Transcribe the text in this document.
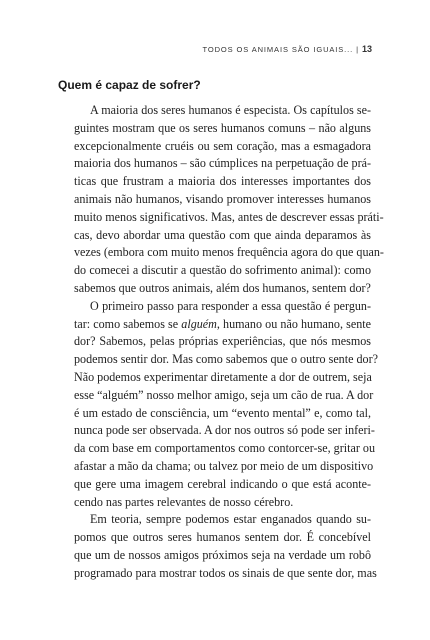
TODOS OS ANIMAIS SÃO IGUAIS... | 13
Quem é capaz de sofrer?

A maioria dos seres humanos é especista. Os capítulos se-
guintes mostram que os seres humanos comuns – não alguns
excepcionalmente cruéis ou sem coração, mas a esmagadora
maioria dos humanos – são cúmplices na perpetuação de prá-
ticas que frustram a maioria dos interesses importantes dos
animais não humanos, visando promover interesses humanos
muito menos significativos. Mas, antes de descrever essas práti-
cas, devo abordar uma questão com que ainda deparamos às
vezes (embora com muito menos frequência agora do que quan-
do comecei a discutir a questão do sofrimento animal): como
sabemos que outros animais, além dos humanos, sentem dor?

O primeiro passo para responder a essa questão é pergun-
tar: como sabemos se alguém, humano ou não humano, sente
dor? Sabemos, pelas próprias experiências, que nós mesmos
podemos sentir dor. Mas como sabemos que o outro sente dor?
Não podemos experimentar diretamente a dor de outrem, seja
esse “alguém” nosso melhor amigo, seja um cão de rua. A dor
é um estado de consciência, um “evento mental” e, como tal,
nunca pode ser observada. A dor nos outros só pode ser inferi-
da com base em comportamentos como contorcer-se, gritar ou
afastar a mão da chama; ou talvez por meio de um dispositivo
que gere uma imagem cerebral indicando o que está aconte-
cendo nas partes relevantes de nosso cérebro.

Em teoria, sempre podemos estar enganados quando su-
pomos que outros seres humanos sentem dor. É concebível
que um de nossos amigos próximos seja na verdade um robô
programado para mostrar todos os sinais de que sente dor, mas
